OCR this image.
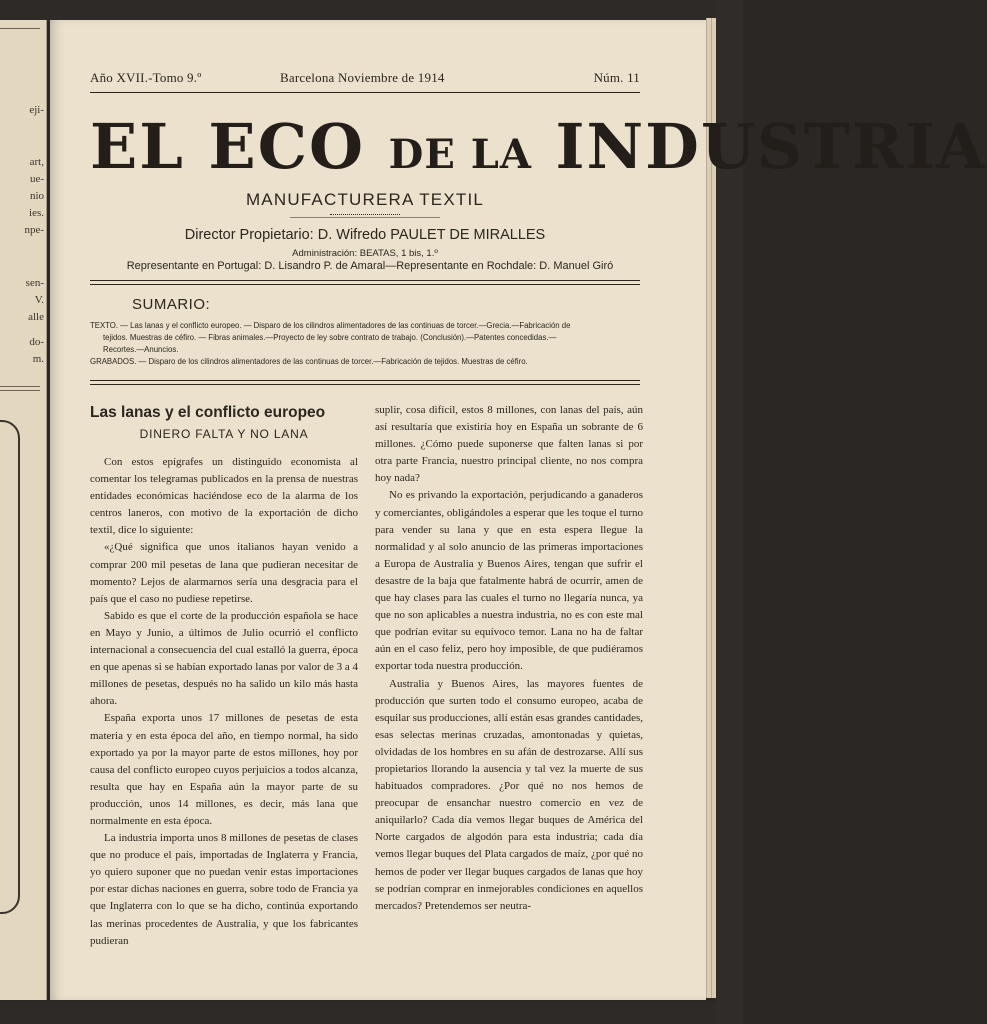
eji-
art,
ue-
nio
ies.
npe-
sen-
V.
alle
do-
m.
Año XVII.-Tomo 9.º	Barcelona Noviembre de 1914	Núm. 11
EL ECO DE LA INDUSTRIA
MANUFACTURERA TEXTIL
Director Propietario: D. Wifredo PAULET DE MIRALLES
Administración: BEATAS, 1 bis, 1.º
Representante en Portugal: D. Lisandro P. de Amaral—Representante en Rochdale: D. Manuel Giró
SUMARIO:

TEXTO. — Las lanas y el conflicto europeo. — Disparo de los cilindros alimentadores de las continuas de torcer.—Grecia.—Fabricación de

tejidos. Muestras de céfiro. — Fibras animales.—Proyecto de ley sobre contrato de trabajo. (Conclusión).—Patentes concedidas.—

Recortes.—Anuncios.

GRABADOS. — Disparo de los cilindros alimentadores de las continuas de torcer.—Fabricación de tejidos. Muestras de céfiro.

Las lanas y el conflicto europeo
DINERO FALTA Y NO LANA

Con estos epígrafes un distinguido economista al comentar los telegramas publicados en la prensa de nuestras entidades económicas haciéndose eco de la alarma de los centros laneros, con motivo de la exportación de dicho textil, dice lo siguiente:

«¿Qué significa que unos italianos hayan venido a comprar 200 mil pesetas de lana que pudieran necesitar de momento? Lejos de alarmarnos sería una desgracia para el país que el caso no pudiese repetirse.

Sabido es que el corte de la producción española se hace en Mayo y Junio, a últimos de Julio ocurrió el conflicto internacional a consecuencia del cual estalló la guerra, época en que apenas si se habían exportado lanas por valor de 3 a 4 millones de pesetas, después no ha salido un kilo más hasta ahora.

España exporta unos 17 millones de pesetas de esta materia y en esta época del año, en tiempo normal, ha sido exportado ya por la mayor parte de estos millones, hoy por causa del conflicto europeo cuyos perjuicios a todos alcanza, resulta que hay en España aún la mayor parte de su producción, unos 14 millones, es decir, más lana que normalmente en esta época.

La industria importa unos 8 millones de pesetas de clases que no produce el país, importadas de Inglaterra y Francia, yo quiero suponer que no puedan venir estas importaciones por estar dichas naciones en guerra, sobre todo de Francia ya que Inglaterra con lo que se ha dicho, continúa exportando las merinas procedentes de Australia, y que los fabricantes pudieran

suplir, cosa difícil, estos 8 millones, con lanas del país, aún así resultaría que existiría hoy en España un sobrante de 6 millones. ¿Cómo puede suponerse que falten lanas si por otra parte Francia, nuestro principal cliente, no nos compra hoy nada?

No es privando la exportación, perjudicando a ganaderos y comerciantes, obligándoles a esperar que les toque el turno para vender su lana y que en esta espera llegue la normalidad y al solo anuncio de las primeras importaciones a Europa de Australia y Buenos Aires, tengan que sufrir el desastre de la baja que fatalmente habrá de ocurrir, amen de que hay clases para las cuales el turno no llegaría nunca, ya que no son aplicables a nuestra industria, no es con este mal que podrían evitar su equívoco temor. Lana no ha de faltar aún en el caso feliz, pero hoy imposible, de que pudiéramos exportar toda nuestra producción.

Australia y Buenos Aires, las mayores fuentes de producción que surten todo el consumo europeo, acaba de esquilar sus producciones, allí están esas grandes cantidades, esas selectas merinas cruzadas, amontonadas y quietas, olvidadas de los hombres en su afán de destrozarse. Allí sus propietarios llorando la ausencia y tal vez la muerte de sus habituados compradores. ¿Por qué no nos hemos de preocupar de ensanchar nuestro comercio en vez de aniquilarlo? Cada día vemos llegar buques de América del Norte cargados de algodón para esta industria; cada día vemos llegar buques del Plata cargados de maíz, ¿por qué no hemos de poder ver llegar buques cargados de lanas que hoy se podrían comprar en inmejorables condiciones en aquellos mercados? Pretendemos ser neutra-
